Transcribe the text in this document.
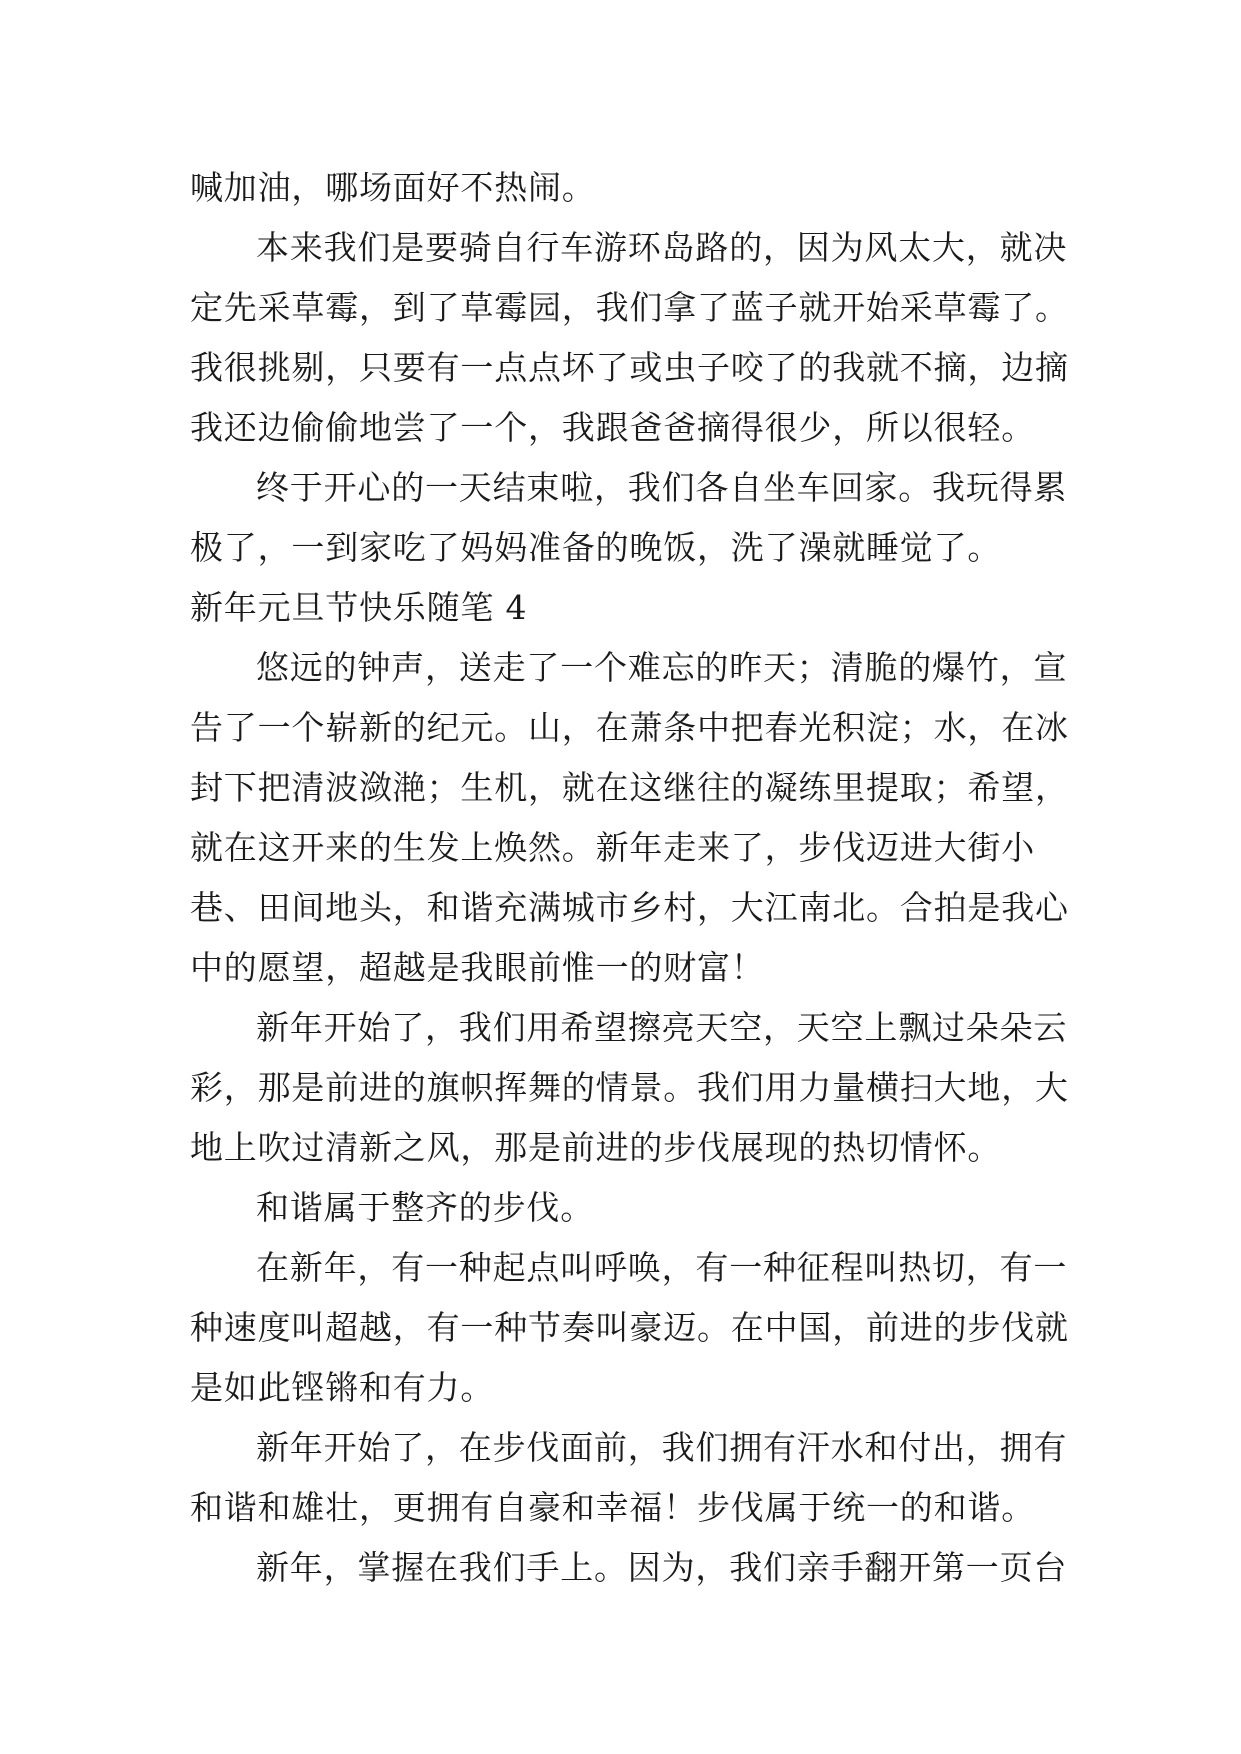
喊加油，哪场面好不热闹。

本来我们是要骑自行车游环岛路的，因为风太大，就决定先采草霉，到了草霉园，我们拿了蓝子就开始采草霉了。我很挑剔，只要有一点点坏了或虫子咬了的我就不摘，边摘我还边偷偷地尝了一个，我跟爸爸摘得很少，所以很轻。

终于开心的一天结束啦，我们各自坐车回家。我玩得累极了，一到家吃了妈妈准备的晚饭，洗了澡就睡觉了。

新年元旦节快乐随笔 4

悠远的钟声，送走了一个难忘的昨天；清脆的爆竹，宣告了一个崭新的纪元。山，在萧条中把春光积淀；水，在冰封下把清波潋滟；生机，就在这继往的凝练里提取；希望，就在这开来的生发上焕然。新年走来了，步伐迈进大街小巷、田间地头，和谐充满城市乡村，大江南北。合拍是我心中的愿望，超越是我眼前惟一的财富！

新年开始了，我们用希望擦亮天空，天空上飘过朵朵云彩，那是前进的旗帜挥舞的情景。我们用力量横扫大地，大地上吹过清新之风，那是前进的步伐展现的热切情怀。

和谐属于整齐的步伐。

在新年，有一种起点叫呼唤，有一种征程叫热切，有一种速度叫超越，有一种节奏叫豪迈。在中国，前进的步伐就是如此铿锵和有力。

新年开始了，在步伐面前，我们拥有汗水和付出，拥有和谐和雄壮，更拥有自豪和幸福！步伐属于统一的和谐。

新年，掌握在我们手上。因为，我们亲手翻开第一页台
